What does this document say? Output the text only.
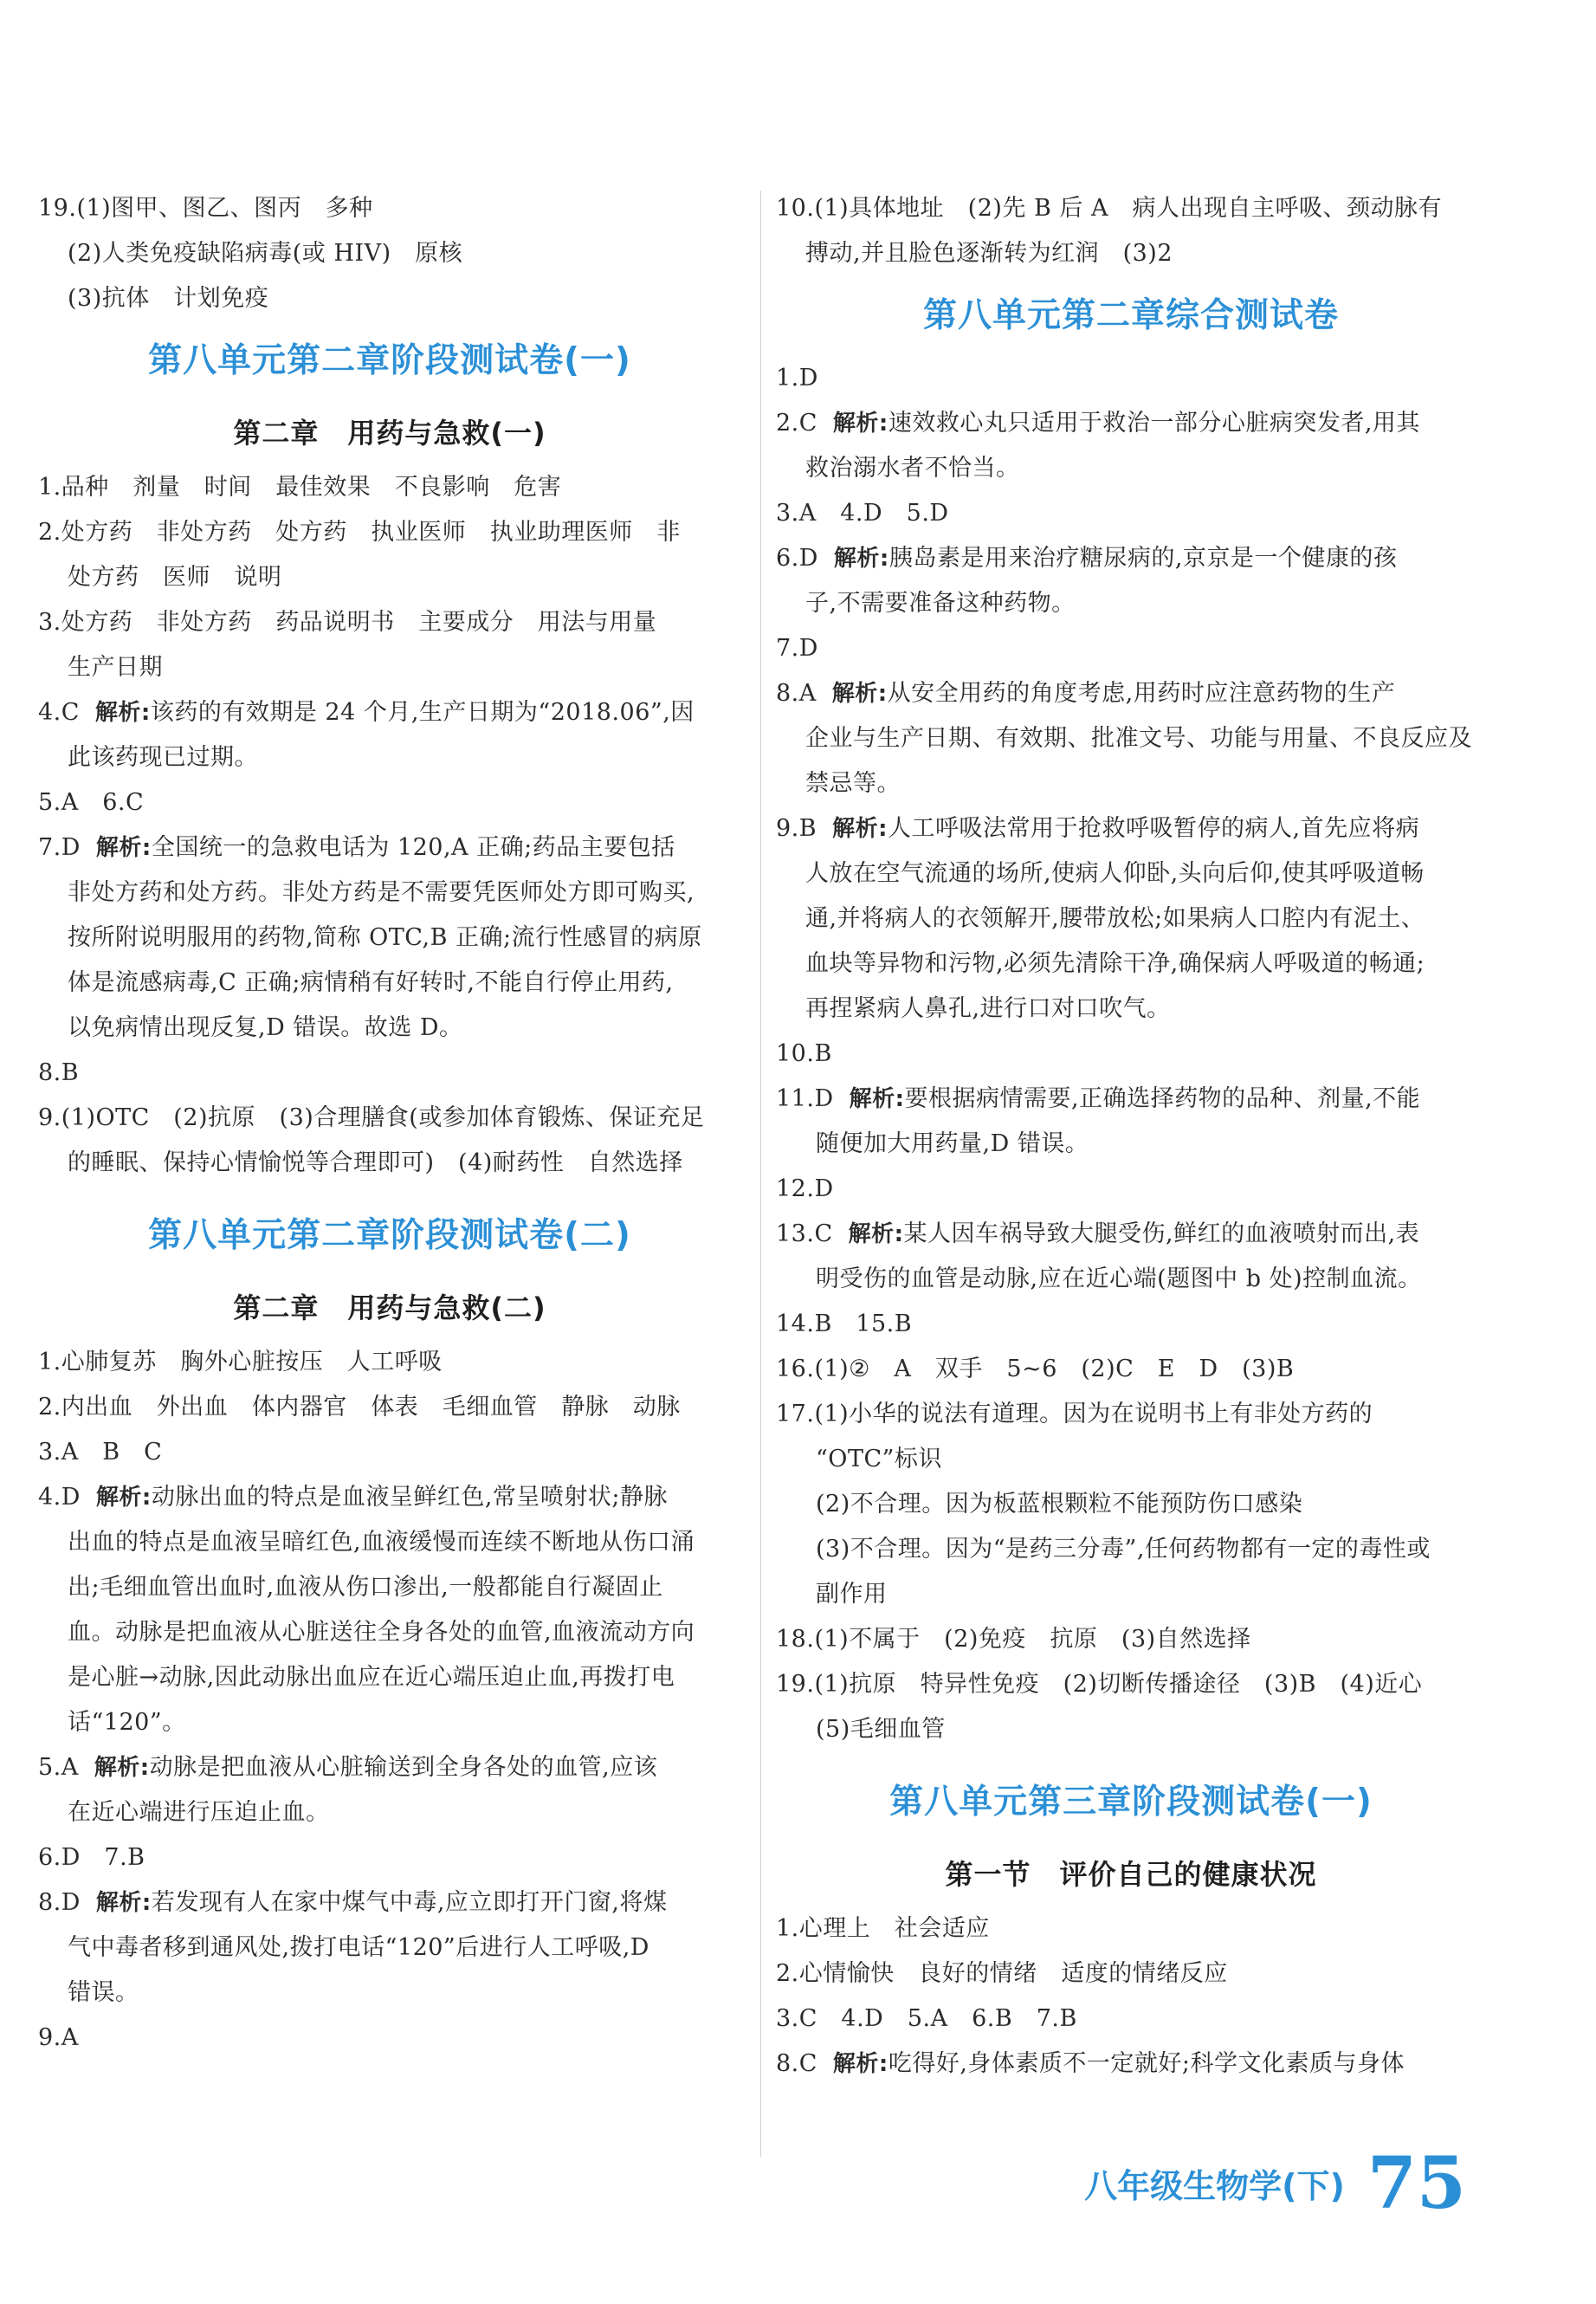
19.(1)图甲、图乙、图丙　多种
(2)人类免疫缺陷病毒(或 HIV)　原核
(3)抗体　计划免疫
第八单元第二章阶段测试卷(一)
第二章　用药与急救(一)
1.品种　剂量　时间　最佳效果　不良影响　危害
2.处方药　非处方药　处方药　执业医师　执业助理医师　非
处方药　医师　说明
3.处方药　非处方药　药品说明书　主要成分　用法与用量
生产日期
4.C 解析:该药的有效期是 24 个月,生产日期为“2018.06”,因
此该药现已过期。
5.A　6.C
7.D 解析:全国统一的急救电话为 120,A 正确;药品主要包括
非处方药和处方药。非处方药是不需要凭医师处方即可购买,
按所附说明服用的药物,简称 OTC,B 正确;流行性感冒的病原
体是流感病毒,C 正确;病情稍有好转时,不能自行停止用药,
以免病情出现反复,D 错误。故选 D。
8.B
9.(1)OTC　(2)抗原　(3)合理膳食(或参加体育锻炼、保证充足
的睡眠、保持心情愉悦等合理即可)　(4)耐药性　自然选择
第八单元第二章阶段测试卷(二)
第二章　用药与急救(二)
1.心肺复苏　胸外心脏按压　人工呼吸
2.内出血　外出血　体内器官　体表　毛细血管　静脉　动脉
3.A　B　C
4.D 解析:动脉出血的特点是血液呈鲜红色,常呈喷射状;静脉
出血的特点是血液呈暗红色,血液缓慢而连续不断地从伤口涌
出;毛细血管出血时,血液从伤口渗出,一般都能自行凝固止
血。动脉是把血液从心脏送往全身各处的血管,血液流动方向
是心脏→动脉,因此动脉出血应在近心端压迫止血,再拨打电
话“120”。
5.A 解析:动脉是把血液从心脏输送到全身各处的血管,应该
在近心端进行压迫止血。
6.D　7.B
8.D 解析:若发现有人在家中煤气中毒,应立即打开门窗,将煤
气中毒者移到通风处,拨打电话“120”后进行人工呼吸,D
错误。
9.A
10.(1)具体地址　(2)先 B 后 A　病人出现自主呼吸、颈动脉有
搏动,并且脸色逐渐转为红润　(3)2
第八单元第二章综合测试卷
1.D
2.C 解析:速效救心丸只适用于救治一部分心脏病突发者,用其
救治溺水者不恰当。
3.A　4.D　5.D
6.D 解析:胰岛素是用来治疗糖尿病的,京京是一个健康的孩
子,不需要准备这种药物。
7.D
8.A 解析:从安全用药的角度考虑,用药时应注意药物的生产
企业与生产日期、有效期、批准文号、功能与用量、不良反应及
禁忌等。
9.B 解析:人工呼吸法常用于抢救呼吸暂停的病人,首先应将病
人放在空气流通的场所,使病人仰卧,头向后仰,使其呼吸道畅
通,并将病人的衣领解开,腰带放松;如果病人口腔内有泥土、
血块等异物和污物,必须先清除干净,确保病人呼吸道的畅通;
再捏紧病人鼻孔,进行口对口吹气。
10.B
11.D 解析:要根据病情需要,正确选择药物的品种、剂量,不能
随便加大用药量,D 错误。
12.D
13.C 解析:某人因车祸导致大腿受伤,鲜红的血液喷射而出,表
明受伤的血管是动脉,应在近心端(题图中 b 处)控制血流。
14.B　15.B
16.(1)②　A　双手　5~6　(2)C　E　D　(3)B
17.(1)小华的说法有道理。因为在说明书上有非处方药的
“OTC”标识
(2)不合理。因为板蓝根颗粒不能预防伤口感染
(3)不合理。因为“是药三分毒”,任何药物都有一定的毒性或
副作用
18.(1)不属于　(2)免疫　抗原　(3)自然选择
19.(1)抗原　特异性免疫　(2)切断传播途径　(3)B　(4)近心
(5)毛细血管
第八单元第三章阶段测试卷(一)
第一节　评价自己的健康状况
1.心理上　社会适应
2.心情愉快　良好的情绪　适度的情绪反应
3.C　4.D　5.A　6.B　7.B
8.C 解析:吃得好,身体素质不一定就好;科学文化素质与身体
八年级生物学(下) 75
